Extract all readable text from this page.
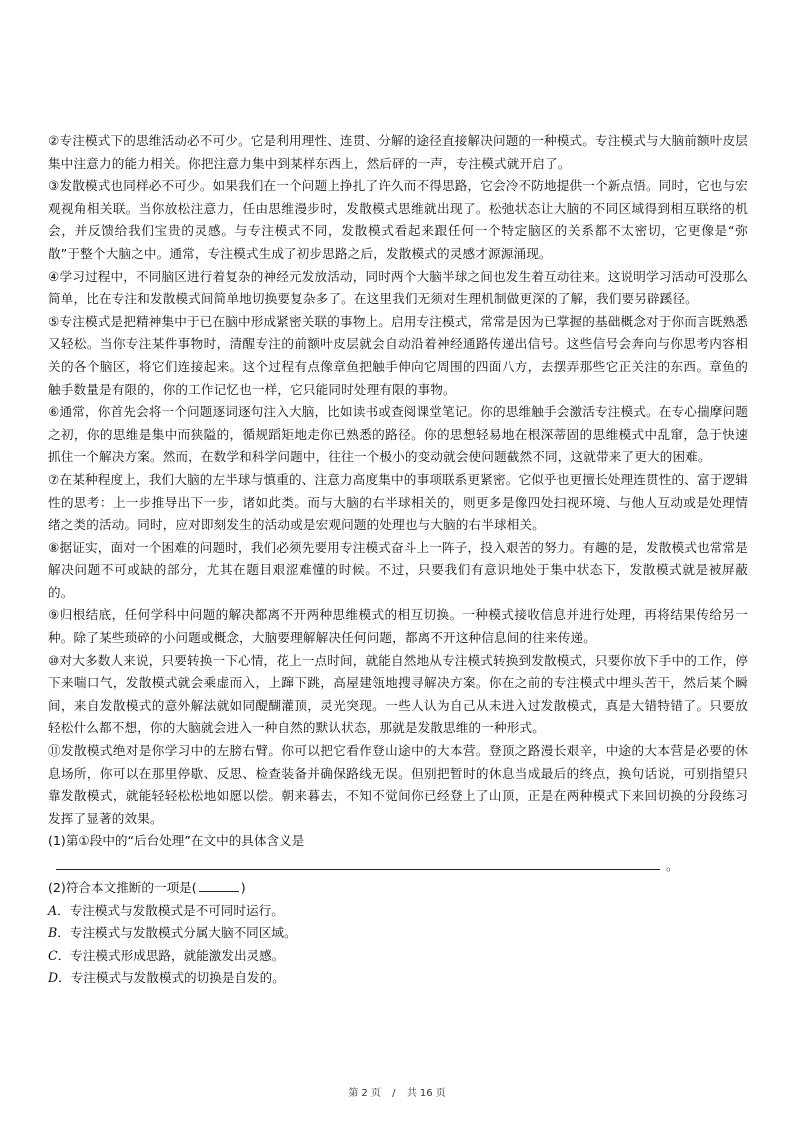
②专注模式下的思维活动必不可少。它是利用理性、连贯、分解的途径直接解决问题的一种模式。专注模式与大脑前额叶皮层集中注意力的能力相关。你把注意力集中到某样东西上，然后砰的一声，专注模式就开启了。

③发散模式也同样必不可少。如果我们在一个问题上挣扎了许久而不得思路，它会冷不防地提供一个新点悟。同时，它也与宏观视角相关联。当你放松注意力，任由思维漫步时，发散模式思维就出现了。松弛状态让大脑的不同区域得到相互联络的机会，并反馈给我们宝贵的灵感。与专注模式不同，发散模式看起来跟任何一个特定脑区的关系都不太密切，它更像是“弥散”于整个大脑之中。通常，专注模式生成了初步思路之后，发散模式的灵感才源源涌现。

④学习过程中，不同脑区进行着复杂的神经元发放活动，同时两个大脑半球之间也发生着互动往来。这说明学习活动可没那么简单，比在专注和发散模式间简单地切换要复杂多了。在这里我们无须对生理机制做更深的了解，我们要另辟蹊径。

⑤专注模式是把精神集中于已在脑中形成紧密关联的事物上。启用专注模式，常常是因为已掌握的基础概念对于你而言既熟悉又轻松。当你专注某件事物时，清醒专注的前额叶皮层就会自动沿着神经通路传递出信号。这些信号会奔向与你思考内容相关的各个脑区，将它们连接起来。这个过程有点像章鱼把触手伸向它周围的四面八方，去摆弄那些它正关注的东西。章鱼的触手数量是有限的，你的工作记忆也一样，它只能同时处理有限的事物。

⑥通常，你首先会将一个问题逐词逐句注入大脑，比如读书或查阅课堂笔记。你的思维触手会激活专注模式。在专心揣摩问题之初，你的思维是集中而狭隘的，循规蹈矩地走你已熟悉的路径。你的思想轻易地在根深蒂固的思维模式中乱窜，急于快速抓住一个解决方案。然而，在数学和科学问题中，往往一个极小的变动就会使问题截然不同，这就带来了更大的困难。

⑦在某种程度上，我们大脑的左半球与慎重的、注意力高度集中的事项联系更紧密。它似乎也更擅长处理连贯性的、富于逻辑性的思考：上一步推导出下一步，诸如此类。而与大脑的右半球相关的，则更多是像四处扫视环境、与他人互动或是处理情绪之类的活动。同时，应对即刻发生的活动或是宏观问题的处理也与大脑的右半球相关。

⑧据证实，面对一个困难的问题时，我们必须先要用专注模式奋斗上一阵子，投入艰苦的努力。有趣的是，发散模式也常常是解决问题不可或缺的部分，尤其在题目艰涩难懂的时候。不过，只要我们有意识地处于集中状态下，发散模式就是被屏蔽的。

⑨归根结底，任何学科中问题的解决都离不开两种思维模式的相互切换。一种模式接收信息并进行处理，再将结果传给另一种。除了某些琐碎的小问题或概念，大脑要理解解决任何问题，都离不开这种信息间的往来传递。

⑩对大多数人来说，只要转换一下心情，花上一点时间，就能自然地从专注模式转换到发散模式，只要你放下手中的工作，停下来喘口气，发散模式就会乘虚而入，上蹿下跳，高屋建瓴地搜寻解决方案。你在之前的专注模式中埋头苦干，然后某个瞬间，来自发散模式的意外解法就如同醍醐灌顶，灵光突现。一些人认为自己从未进入过发散模式，真是大错特错了。只要放轻松什么都不想，你的大脑就会进入一种自然的默认状态，那就是发散思维的一种形式。

⑪发散模式绝对是你学习中的左膀右臂。你可以把它看作登山途中的大本营。登顶之路漫长艰辛，中途的大本营是必要的休息场所，你可以在那里停歇、反思、检查装备并确保路线无误。但别把暂时的休息当成最后的终点，换句话说，可别指望只靠发散模式，就能轻轻松松地如愿以偿。朝来暮去，不知不觉间你已经登上了山顶，正是在两种模式下来回切换的分段练习发挥了显著的效果。

(1)第①段中的“后台处理”在文中的具体含义是

。

(2)符合本文推断的一项是(	)

A．专注模式与发散模式是不可同时运行。

B．专注模式与发散模式分属大脑不同区域。

C．专注模式形成思路，就能激发出灵感。

D．专注模式与发散模式的切换是自发的。

第 2 页 / 共 16 页
